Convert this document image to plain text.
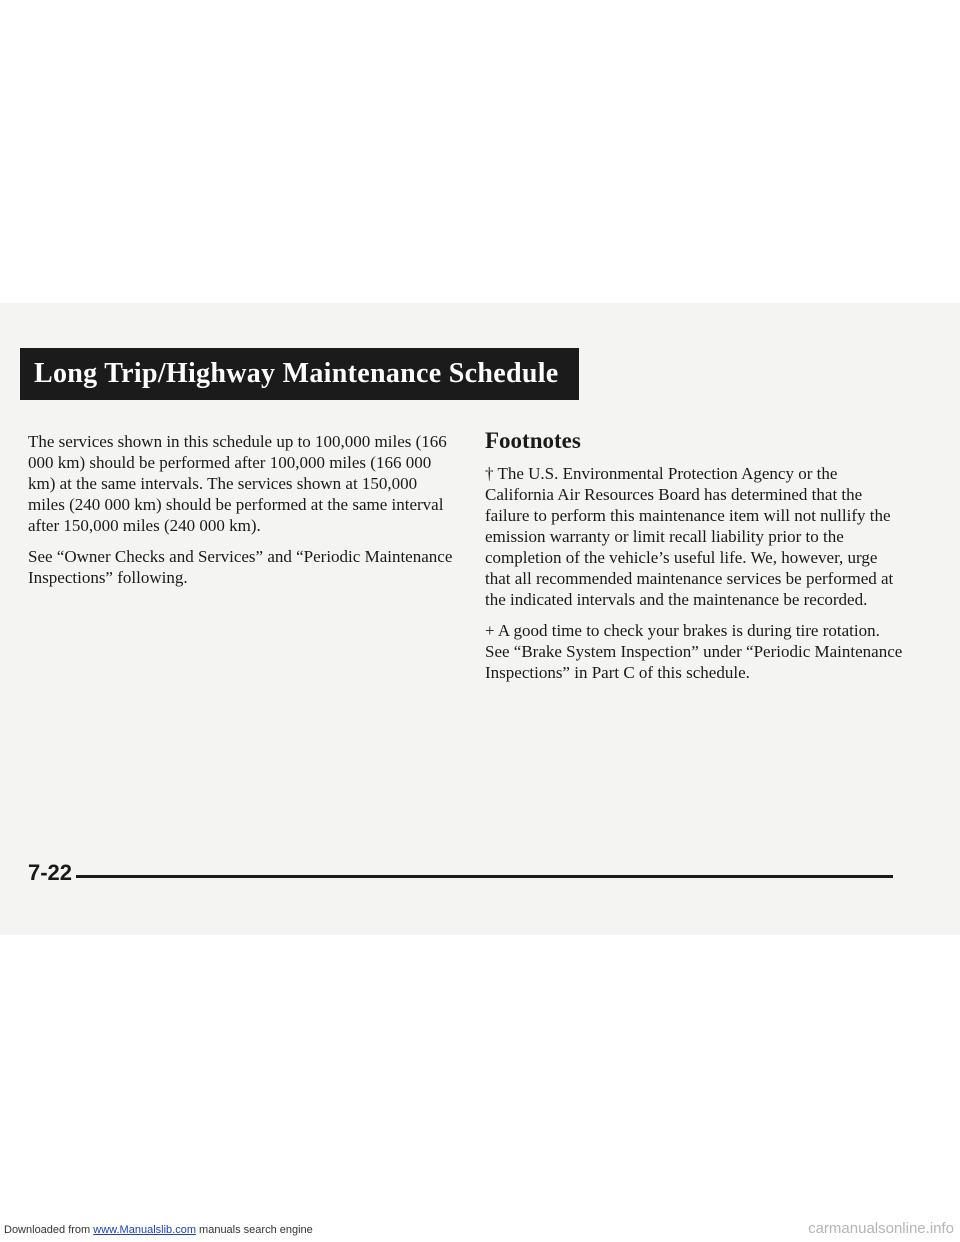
Long Trip/Highway Maintenance Schedule

The services shown in this schedule up to 100,000 miles (166 000 km) should be performed after 100,000 miles (166 000 km) at the same intervals. The services shown at 150,000 miles (240 000 km) should be performed at the same interval after 150,000 miles (240 000 km).

See “Owner Checks and Services” and “Periodic Maintenance Inspections” following.

Footnotes

† The U.S. Environmental Protection Agency or the California Air Resources Board has determined that the failure to perform this maintenance item will not nullify the emission warranty or limit recall liability prior to the completion of the vehicle’s useful life. We, however, urge that all recommended maintenance services be performed at the indicated intervals and the maintenance be recorded.

+ A good time to check your brakes is during tire rotation. See “Brake System Inspection” under “Periodic Maintenance Inspections” in Part C of this schedule.

7-22
Downloaded from www.Manualslib.com manuals search engine	carmanualsonline.info
